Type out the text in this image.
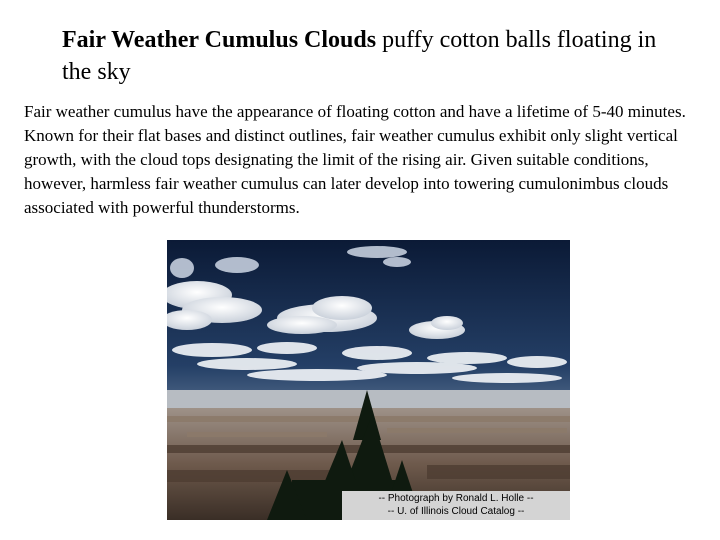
Fair Weather Cumulus Clouds puffy cotton balls floating in the sky

Fair weather cumulus have the appearance of floating cotton and have a lifetime of 5-40 minutes. Known for their flat bases and distinct outlines, fair weather cumulus exhibit only slight vertical growth, with the cloud tops designating the limit of the rising air. Given suitable conditions, however, harmless fair weather cumulus can later develop into towering cumulonimbus clouds associated with powerful thunderstorms.

-- Photograph by Ronald L. Holle --
-- U. of Illinois Cloud Catalog --
